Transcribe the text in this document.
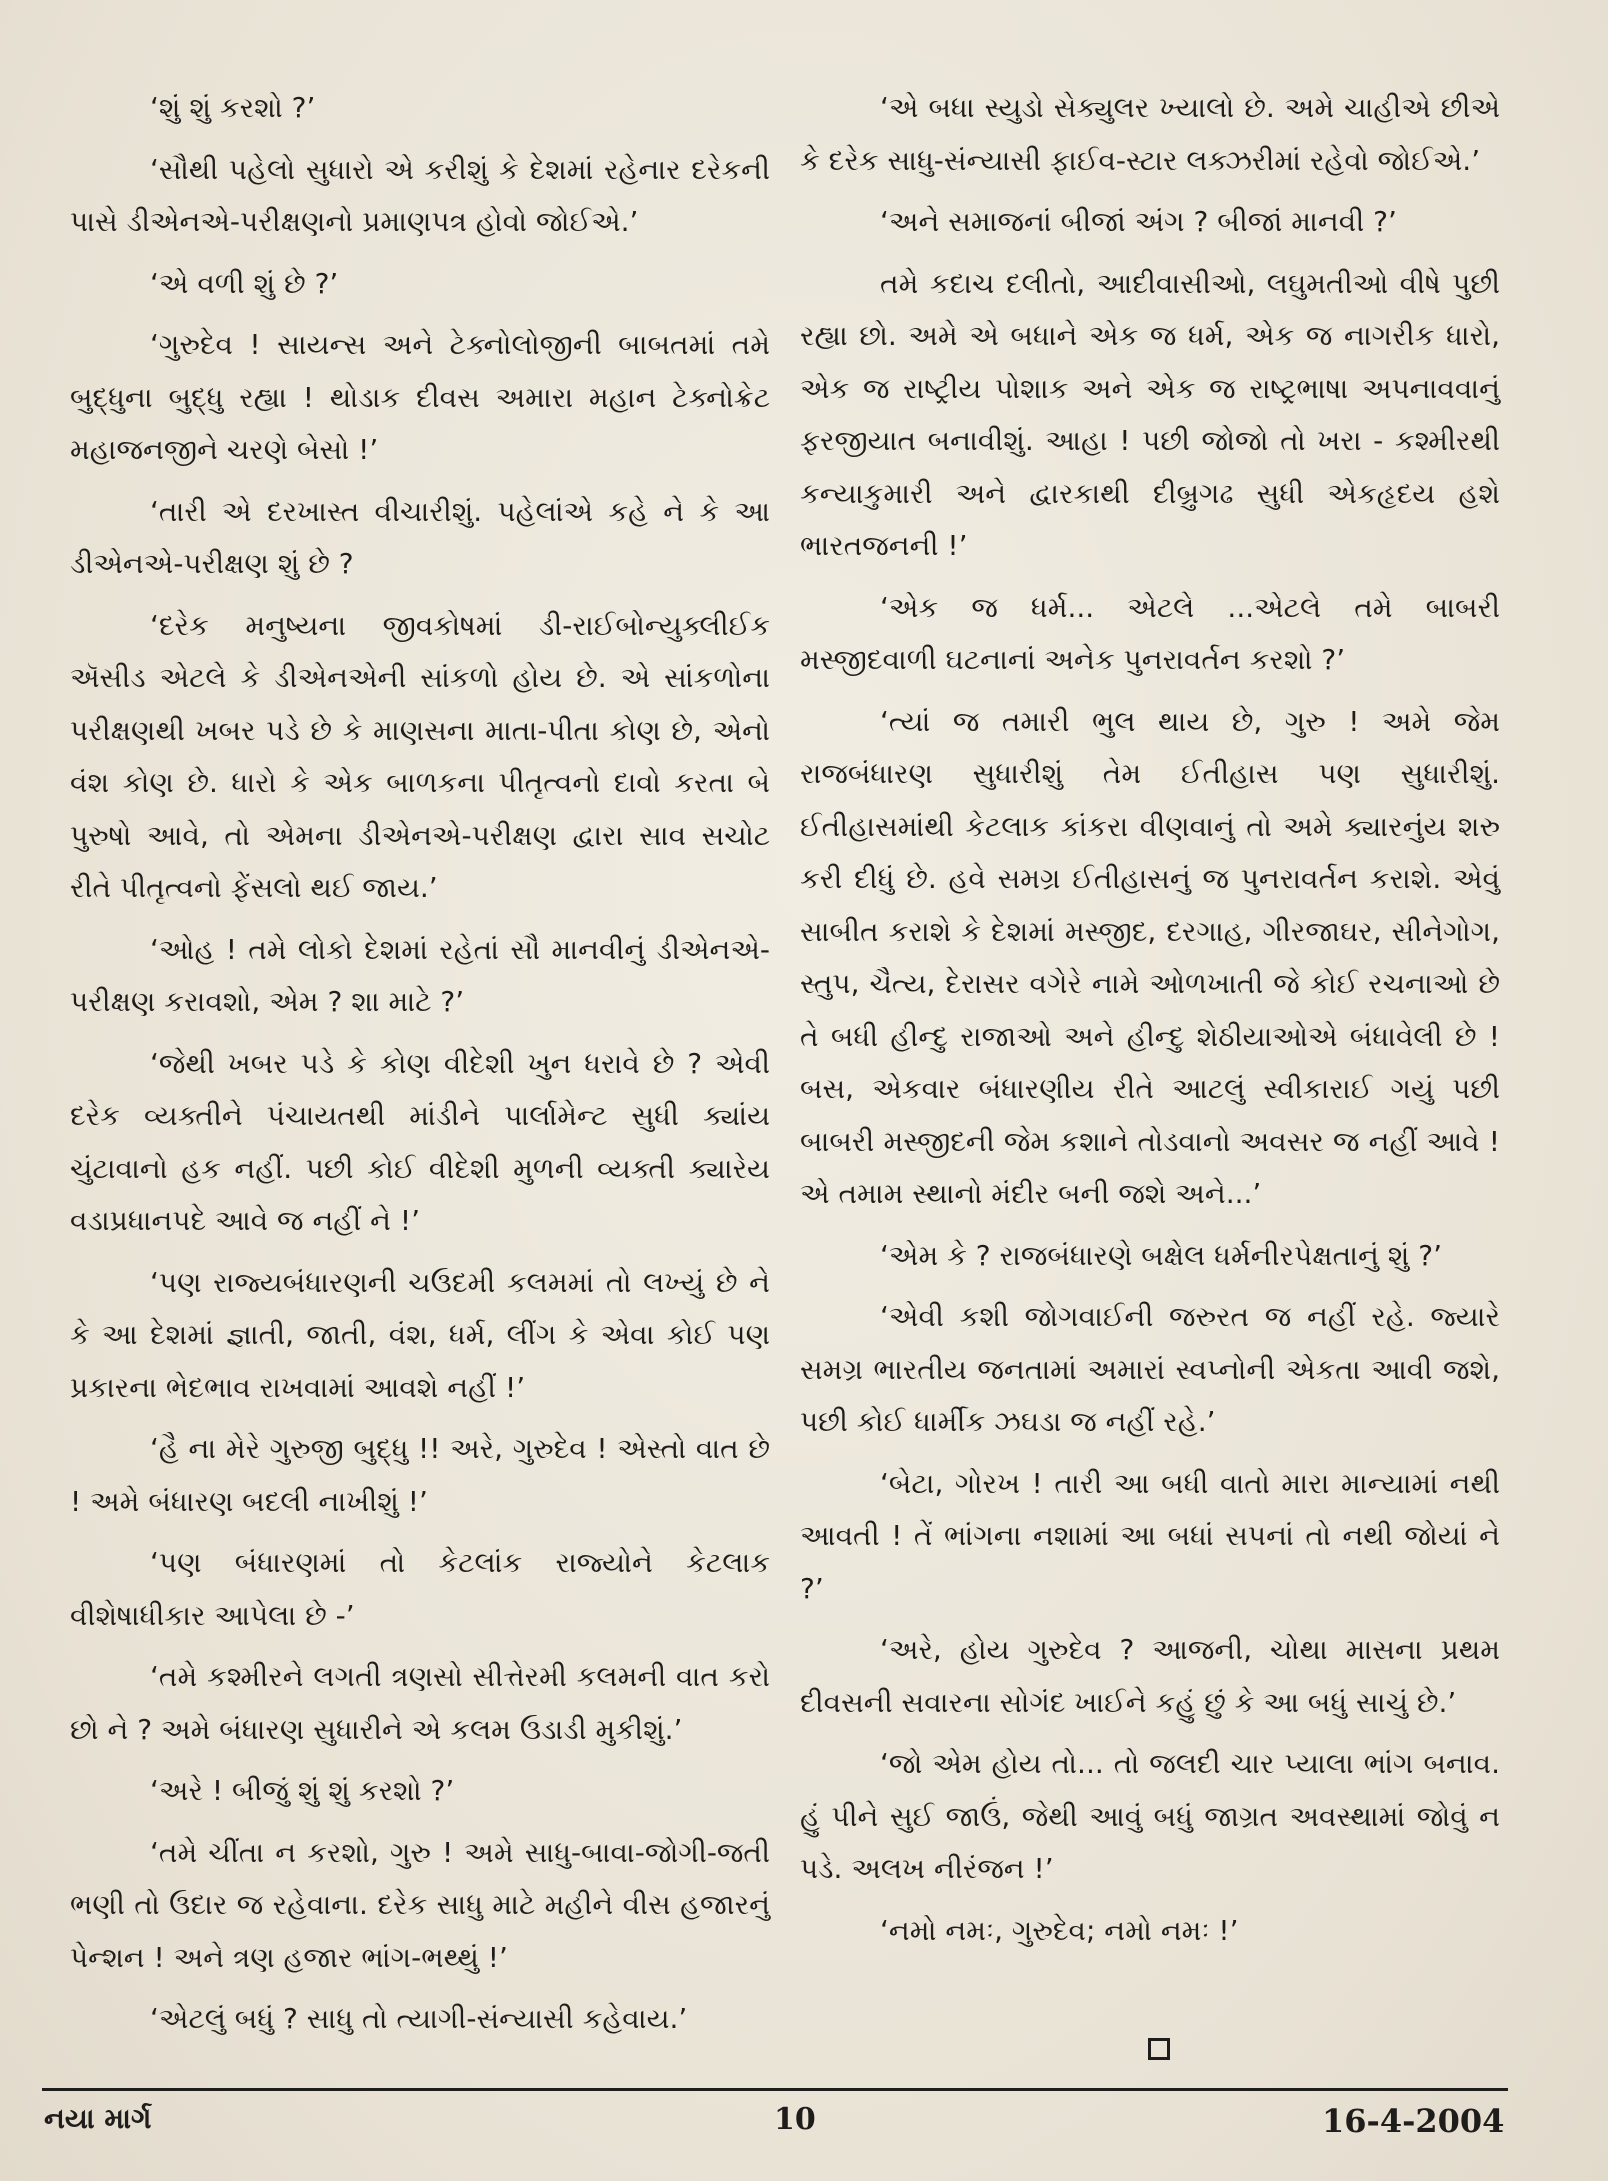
‘શું શું કરશો ?’

‘સૌથી પહેલો સુધારો એ કરીશું કે દેશમાં રહેનાર દરેકની પાસે ડીએનએ-પરીક્ષણનો પ્રમાણપત્ર હોવો જોઈએ.’

‘એ વળી શું છે ?’

‘ગુરુદેવ ! સાયન્સ અને ટેક્નોલોજીની બાબતમાં તમે બુદ્ધુના બુદ્ધુ રહ્યા ! થોડાક દીવસ અમારા મહાન ટેક્નોક્રેટ મહાજનજીને ચરણે બેસો !’

‘તારી એ દરખાસ્ત વીચારીશું. પહેલાંએ કહે ને કે આ ડીએનએ-પરીક્ષણ શું છે ?

‘દરેક મનુષ્યના જીવકોષમાં ડી-રાઈબોન્યુક્લીઈક ઍસીડ એટલે કે ડીએનએની સાંકળો હોય છે. એ સાંકળોના પરીક્ષણથી ખબર પડે છે કે માણસના માતા-પીતા કોણ છે, એનો વંશ કોણ છે. ધારો કે એક બાળકના પીતૃત્વનો દાવો કરતા બે પુરુષો આવે, તો એમના ડીએનએ-પરીક્ષણ દ્વારા સાવ સચોટ રીતે પીતૃત્વનો ફેંસલો થઈ જાય.’

‘ઓહ ! તમે લોકો દેશમાં રહેતાં સૌ માનવીનું ડીએનએ-પરીક્ષણ કરાવશો, એમ ? શા માટે ?’

‘જેથી ખબર પડે કે કોણ વીદેશી ખુન ધરાવે છે ? એવી દરેક વ્યક્તીને પંચાયતથી માંડીને પાર્લામેન્ટ સુધી ક્યાંય ચુંટાવાનો હક નહીં. પછી કોઈ વીદેશી મુળની વ્યક્તી ક્યારેય વડાપ્રધાનપદે આવે જ નહીં ને !’

‘પણ રાજ્યબંધારણની ચઉદમી કલમમાં તો લખ્યું છે ને કે આ દેશમાં જ્ઞાતી, જાતી, વંશ, ધર્મ, લીંગ કે એવા કોઈ પણ પ્રકારના ભેદભાવ રાખવામાં આવશે નહીં !’

‘હૈ ના મેરે ગુરુજી બુદ્ધુ !! અરે, ગુરુદેવ ! એસ્તો વાત છે ! અમે બંધારણ બદલી નાખીશું !’

‘પણ બંધારણમાં તો કેટલાંક રાજ્યોને કેટલાક વીશેષાધીકાર આપેલા છે -’

‘તમે કશ્મીરને લગતી ત્રણસો સીત્તેરમી કલમની વાત કરો છો ને ? અમે બંધારણ સુધારીને એ કલમ ઉડાડી મુકીશું.’

‘અરે ! બીજું શું શું કરશો ?’

‘તમે ચીંતા ન કરશો, ગુરુ ! અમે સાધુ-બાવા-જોગી-જતી ભણી તો ઉદાર જ રહેવાના. દરેક સાધુ માટે મહીને વીસ હજારનું પેન્શન ! અને ત્રણ હજાર ભાંગ-ભથ્થું !’

‘એટલું બધું ? સાધુ તો ત્યાગી-સંન્યાસી કહેવાય.’

‘એ બધા સ્યુડો સેક્યુલર ખ્યાલો છે. અમે ચાહીએ છીએ કે દરેક સાધુ-સંન્યાસી ફાઈવ-સ્ટાર લક્ઝરીમાં રહેવો જોઈએ.’

‘અને સમાજનાં બીજાં અંગ ? બીજાં માનવી ?’

તમે કદાચ દલીતો, આદીવાસીઓ, લઘુમતીઓ વીષે પુછી રહ્યા છો. અમે એ બધાને એક જ ધર્મ, એક જ નાગરીક ધારો, એક જ રાષ્ટ્રીય પોશાક અને એક જ રાષ્ટ્રભાષા અપનાવવાનું ફરજીયાત બનાવીશું. આહા ! પછી જોજો તો ખરા - કશ્મીરથી કન્યાકુમારી અને દ્વારકાથી દીબ્રુગઢ સુધી એકહૃદય હશે ભારતજનની !’

‘એક જ ધર્મ... એટલે ...એટલે તમે બાબરી મસ્જીદવાળી ઘટનાનાં અનેક પુનરાવર્તન કરશો ?’

‘ત્યાં જ તમારી ભુલ થાય છે, ગુરુ ! અમે જેમ રાજબંધારણ સુધારીશું તેમ ઈતીહાસ પણ સુધારીશું. ઈતીહાસમાંથી કેટલાક કાંકરા વીણવાનું તો અમે ક્યારનુંય શરુ કરી દીધું છે. હવે સમગ્ર ઈતીહાસનું જ પુનરાવર્તન કરાશે. એવું સાબીત કરાશે કે દેશમાં મસ્જીદ, દરગાહ, ગીરજાઘર, સીનેગોગ, સ્તુપ, ચૈત્ય, દેરાસર વગેરે નામે ઓળખાતી જે કોઈ રચનાઓ છે તે બધી હીન્દુ રાજાઓ અને હીન્દુ શેઠીયાઓએ બંધાવેલી છે ! બસ, એકવાર બંધારણીય રીતે આટલું સ્વીકારાઈ ગયું પછી બાબરી મસ્જીદની જેમ કશાને તોડવાનો અવસર જ નહીં આવે ! એ તમામ સ્થાનો મંદીર બની જશે અને...’

‘એમ કે ? રાજબંધારણે બક્ષેલ ધર્મનીરપેક્ષતાનું શું ?’

‘એવી કશી જોગવાઈની જરુરત જ નહીં રહે. જ્યારે સમગ્ર ભારતીય જનતામાં અમારાં સ્વપ્નોની એકતા આવી જશે, પછી કોઈ ધાર્મીક ઝઘડા જ નહીં રહે.’

‘બેટા, ગોરખ ! તારી આ બધી વાતો મારા માન્યામાં નથી આવતી ! તેં ભાંગના નશામાં આ બધાં સપનાં તો નથી જોયાં ને ?’

‘અરે, હોય ગુરુદેવ ? આજની, ચોથા માસના પ્રથમ દીવસની સવારના સોગંદ ખાઈને કહું છું કે આ બધું સાચું છે.’

‘જો એમ હોય તો... તો જલદી ચાર પ્યાલા ભાંગ બનાવ. હું પીને સુઈ જાઉં, જેથી આવું બધું જાગ્રત અવસ્થામાં જોવું ન પડે. અલખ નીરંજન !’

‘નમો નમઃ, ગુરુદેવ; નમો નમઃ !’

નયા માર્ગ	10	16-4-2004
